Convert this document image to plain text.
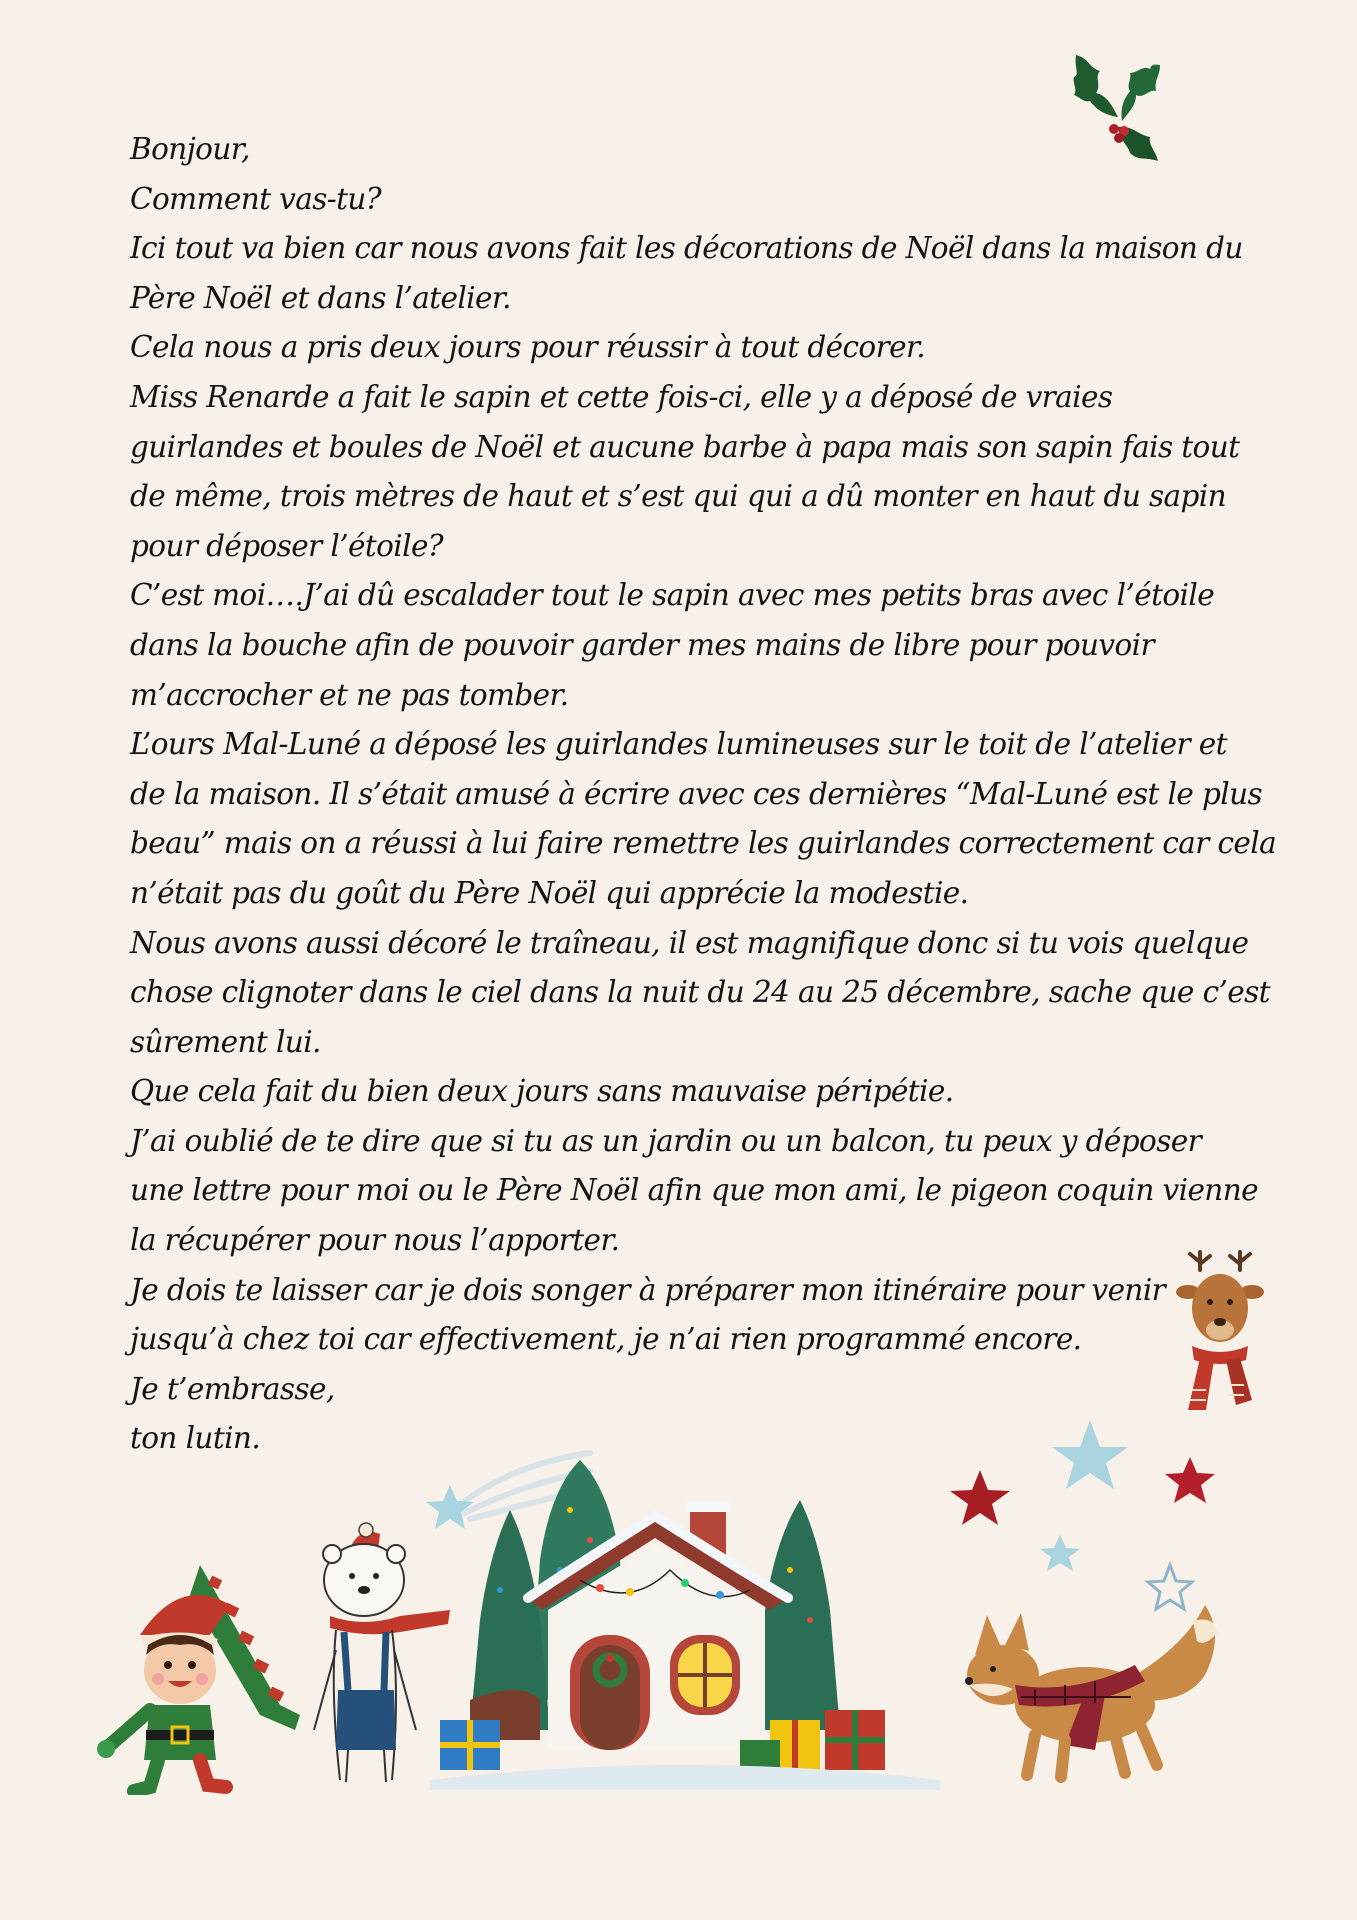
Bonjour,

Comment vas-tu?

Ici tout va bien car nous avons fait les décorations de Noël dans la maison du

Père Noël et dans l’atelier.

Cela nous a pris deux jours pour réussir à tout décorer.

Miss Renarde a fait le sapin et cette fois-ci, elle y a déposé de vraies

guirlandes et boules de Noël et aucune barbe à papa mais son sapin fais tout

de même, trois mètres de haut et s’est qui qui a dû monter en haut du sapin

pour déposer l’étoile?

C’est moi….J’ai dû escalader tout le sapin avec mes petits bras avec l’étoile

dans la bouche afin de pouvoir garder mes mains de libre pour pouvoir

m’accrocher et ne pas tomber.

L’ours Mal-Luné a déposé les guirlandes lumineuses sur le toit de l’atelier et

de la maison. Il s’était amusé à écrire avec ces dernières “Mal-Luné est le plus

beau” mais on a réussi à lui faire remettre les guirlandes correctement car cela

n’était pas du goût du Père Noël qui apprécie la modestie.

Nous avons aussi décoré le traîneau, il est magnifique donc si tu vois quelque

chose clignoter dans le ciel dans la nuit du 24 au 25 décembre, sache que c’est

sûrement lui.

Que cela fait du bien deux jours sans mauvaise péripétie.

J’ai oublié de te dire que si tu as un jardin ou un balcon, tu peux y déposer

une lettre pour moi ou le Père Noël afin que mon ami, le pigeon coquin vienne

la récupérer pour nous l’apporter.

Je dois te laisser car je dois songer à préparer mon itinéraire pour venir

jusqu’à chez toi car effectivement, je n’ai rien programmé encore.

Je t’embrasse,

ton lutin.
